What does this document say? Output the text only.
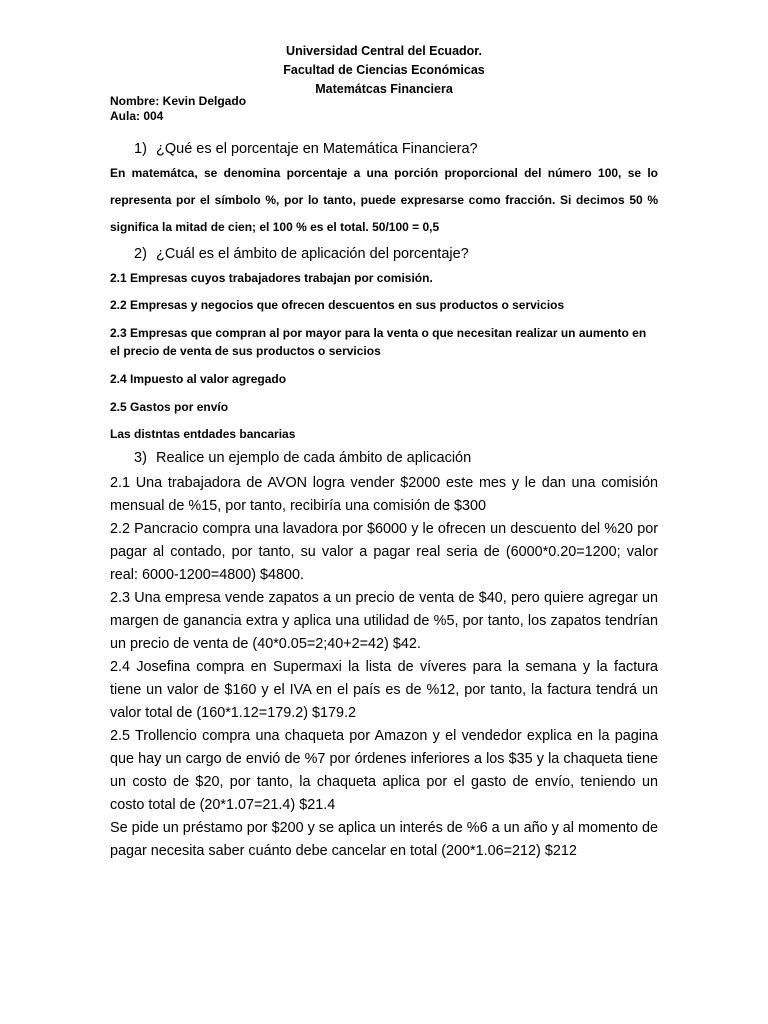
Universidad Central del Ecuador.
Facultad de Ciencias Económicas
Matemátcas Financiera
Nombre: Kevin Delgado
Aula: 004
1) ¿Qué es el porcentaje en Matemática Financiera?
En matemátca, se denomina porcentaje a una porción proporcional del número 100, se lo representa por el símbolo %, por lo tanto, puede expresarse como fracción. Si decimos 50 % significa la mitad de cien; el 100 % es el total. 50/100 = 0,5
2) ¿Cuál es el ámbito de aplicación del porcentaje?
2.1 Empresas cuyos trabajadores trabajan por comisión.
2.2 Empresas y negocios que ofrecen descuentos en sus productos o servicios
2.3 Empresas que compran al por mayor para la venta o que necesitan realizar un aumento en el precio de venta de sus productos o servicios
2.4 Impuesto al valor agregado
2.5 Gastos por envío
Las distntas entdades bancarias
3) Realice un ejemplo de cada ámbito de aplicación

2.1 Una trabajadora de AVON logra vender $2000 este mes y le dan una comisión mensual de %15, por tanto, recibiría una comisión de $300

2.2 Pancracio compra una lavadora por $6000 y le ofrecen un descuento del %20 por pagar al contado, por tanto, su valor a pagar real seria de (6000*0.20=1200; valor real: 6000-1200=4800) $4800.

2.3 Una empresa vende zapatos a un precio de venta de $40, pero quiere agregar un margen de ganancia extra y aplica una utilidad de %5, por tanto, los zapatos tendrían un precio de venta de (40*0.05=2;40+2=42) $42.

2.4 Josefina compra en Supermaxi la lista de víveres para la semana y la factura tiene un valor de $160 y el IVA en el país es de %12, por tanto, la factura tendrá un valor total de (160*1.12=179.2) $179.2

2.5 Trollencio compra una chaqueta por Amazon y el vendedor explica en la pagina que hay un cargo de envió de %7 por órdenes inferiores a los $35 y la chaqueta tiene un costo de $20, por tanto, la chaqueta aplica por el gasto de envío, teniendo un costo total de (20*1.07=21.4) $21.4

Se pide un préstamo por $200 y se aplica un interés de %6 a un año y al momento de pagar necesita saber cuánto debe cancelar en total (200*1.06=212) $212
